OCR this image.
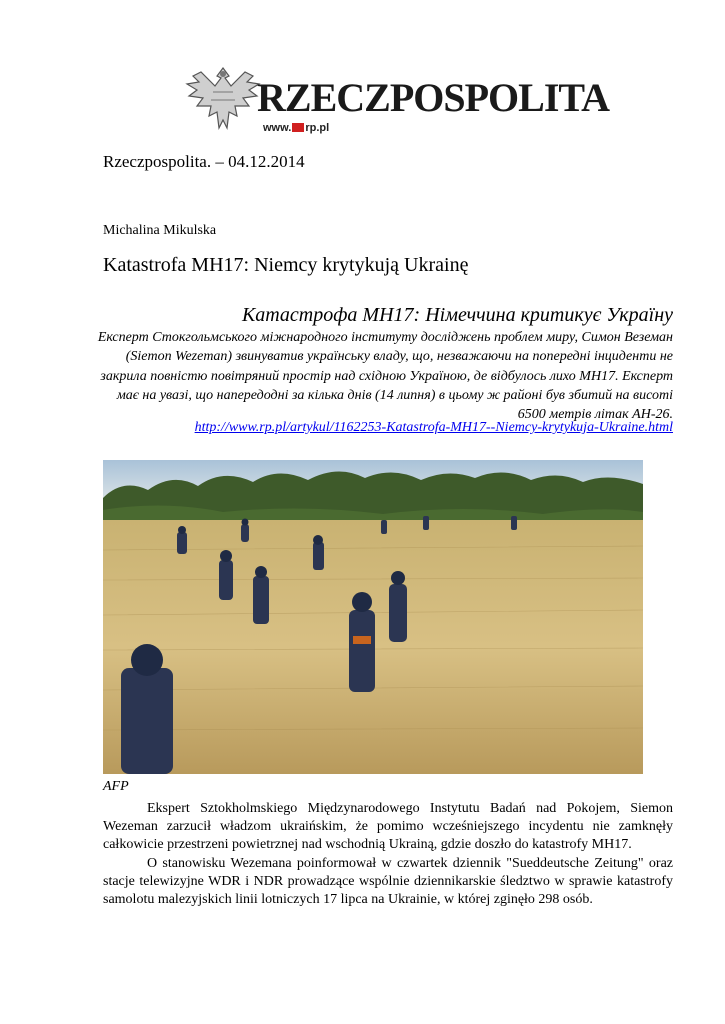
RZECZPOSPOLITA
www. rp.pl
Rzeczpospolita. – 04.12.2014
Michalina Mikulska
Katastrofa MH17: Niemcy krytykują Ukrainę
Катастрофа MH17: Німеччина критикує Україну
Експерт Стокгольмського міжнародного інституту досліджень проблем миру, Симон Веземан (Siemon Wezeman) звинуватив українську владу, що, незважаючи на попередні інциденти не закрила повністю повітряний простір над східною Україною, де відбулось лихо MH17. Експерт має на увазі, що напередодні за кілька днів (14 липня) в цьому ж районі був збитий на висоті 6500 метрів літак АН-26.
http://www.rp.pl/artykul/1162253-Katastrofa-MH17--Niemcy-krytykuja-Ukraine.html
AFP

Ekspert Sztokholmskiego Międzynarodowego Instytutu Badań nad Pokojem, Siemon Wezeman zarzucił władzom ukraińskim, że pomimo wcześniejszego incydentu nie zamknęły całkowicie przestrzeni powietrznej nad wschodnią Ukrainą, gdzie doszło do katastrofy MH17.

O stanowisku Wezemana poinformował w czwartek dziennik "Sueddeutsche Zeitung" oraz stacje telewizyjne WDR i NDR prowadzące wspólnie dziennikarskie śledztwo w sprawie katastrofy samolotu malezyjskich linii lotniczych 17 lipca na Ukrainie, w której zginęło 298 osób.
